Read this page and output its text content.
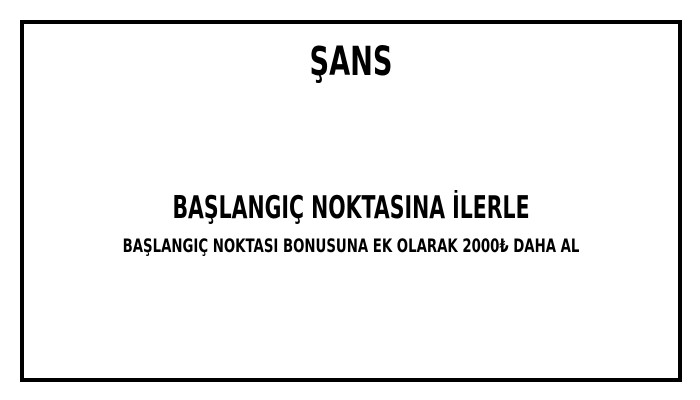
ŞANS
BAŞLANGIÇ NOKTASINA İLERLE
BAŞLANGIÇ NOKTASI BONUSUNA EK OLARAK 2000₺ DAHA AL
